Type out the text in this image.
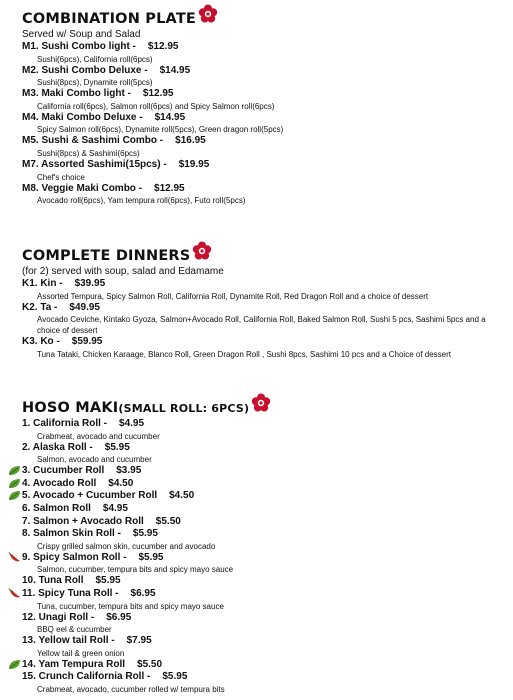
COMBINATION PLATE
Served w/ Soup and Salad
M1. Sushi Combo light - $12.95
Sushi(6pcs), California roll(6pcs)
M2. Sushi Combo Deluxe - $14.95
Sushi(8pcs), Dynamite roll(5pcs)
M3. Maki Combo light - $12.95
California roll(6pcs), Salmon roll(6pcs) and Spicy Salmon roll(6pcs)
M4. Maki Combo Deluxe - $14.95
Spicy Salmon roll(6pcs), Dynamite roll(5pcs), Green dragon roll(5pcs)
M5. Sushi & Sashimi Combo - $16.95
Sushi(8pcs) & Sashimi(6pcs)
M7. Assorted Sashimi(15pcs) - $19.95
Chef's choice
M8. Veggie Maki Combo - $12.95
Avocado roll(6pcs), Yam tempura roll(6pcs), Futo roll(5pcs)
COMPLETE DINNERS
(for 2) served with soup, salad and Edamame
K1. Kin - $39.95
Assorted Tempura, Spicy Salmon Roll, California Roll, Dynamite Roll, Red Dragon Roll and a choice of dessert
K2. Ta - $49.95
Avocado Ceviche, Kintako Gyoza, Salmon+Avocado Roll, California Roll, Baked Salmon Roll, Sushi 5 pcs, Sashimi 5pcs and a choice of dessert
K3. Ko - $59.95
Tuna Tataki, Chicken Karaage, Blanco Roll, Green Dragon Roll , Sushi 8pcs, Sashimi 10 pcs and a Choice of dessert
HOSO MAKI (SMALL ROLL: 6PCS)
1. California Roll - $4.95
Crabmeat, avocado and cucumber
2. Alaska Roll - $5.95
Salmon, avocado and cucumber
3. Cucumber Roll $3.95
4. Avocado Roll $4.50
5. Avocado + Cucumber Roll $4.50
6. Salmon Roll $4.95
7. Salmon + Avocado Roll $5.50
8. Salmon Skin Roll - $5.95
Crispy grilled salmon skin, cucumber and avocado
9. Spicy Salmon Roll - $5.95
Salmon, cucumber, tempura bits and spicy mayo sauce
10. Tuna Roll $5.95
11. Spicy Tuna Roll - $6.95
Tuna, cucumber, tempura bits and spicy mayo sauce
12. Unagi Roll - $6.95
BBQ eel & cucumber
13. Yellow tail Roll - $7.95
Yellow tail & green onion
14. Yam Tempura Roll $5.50
15. Crunch California Roll - $5.95
Crabmeat, avocado, cucumber rolled w/ tempura bits
